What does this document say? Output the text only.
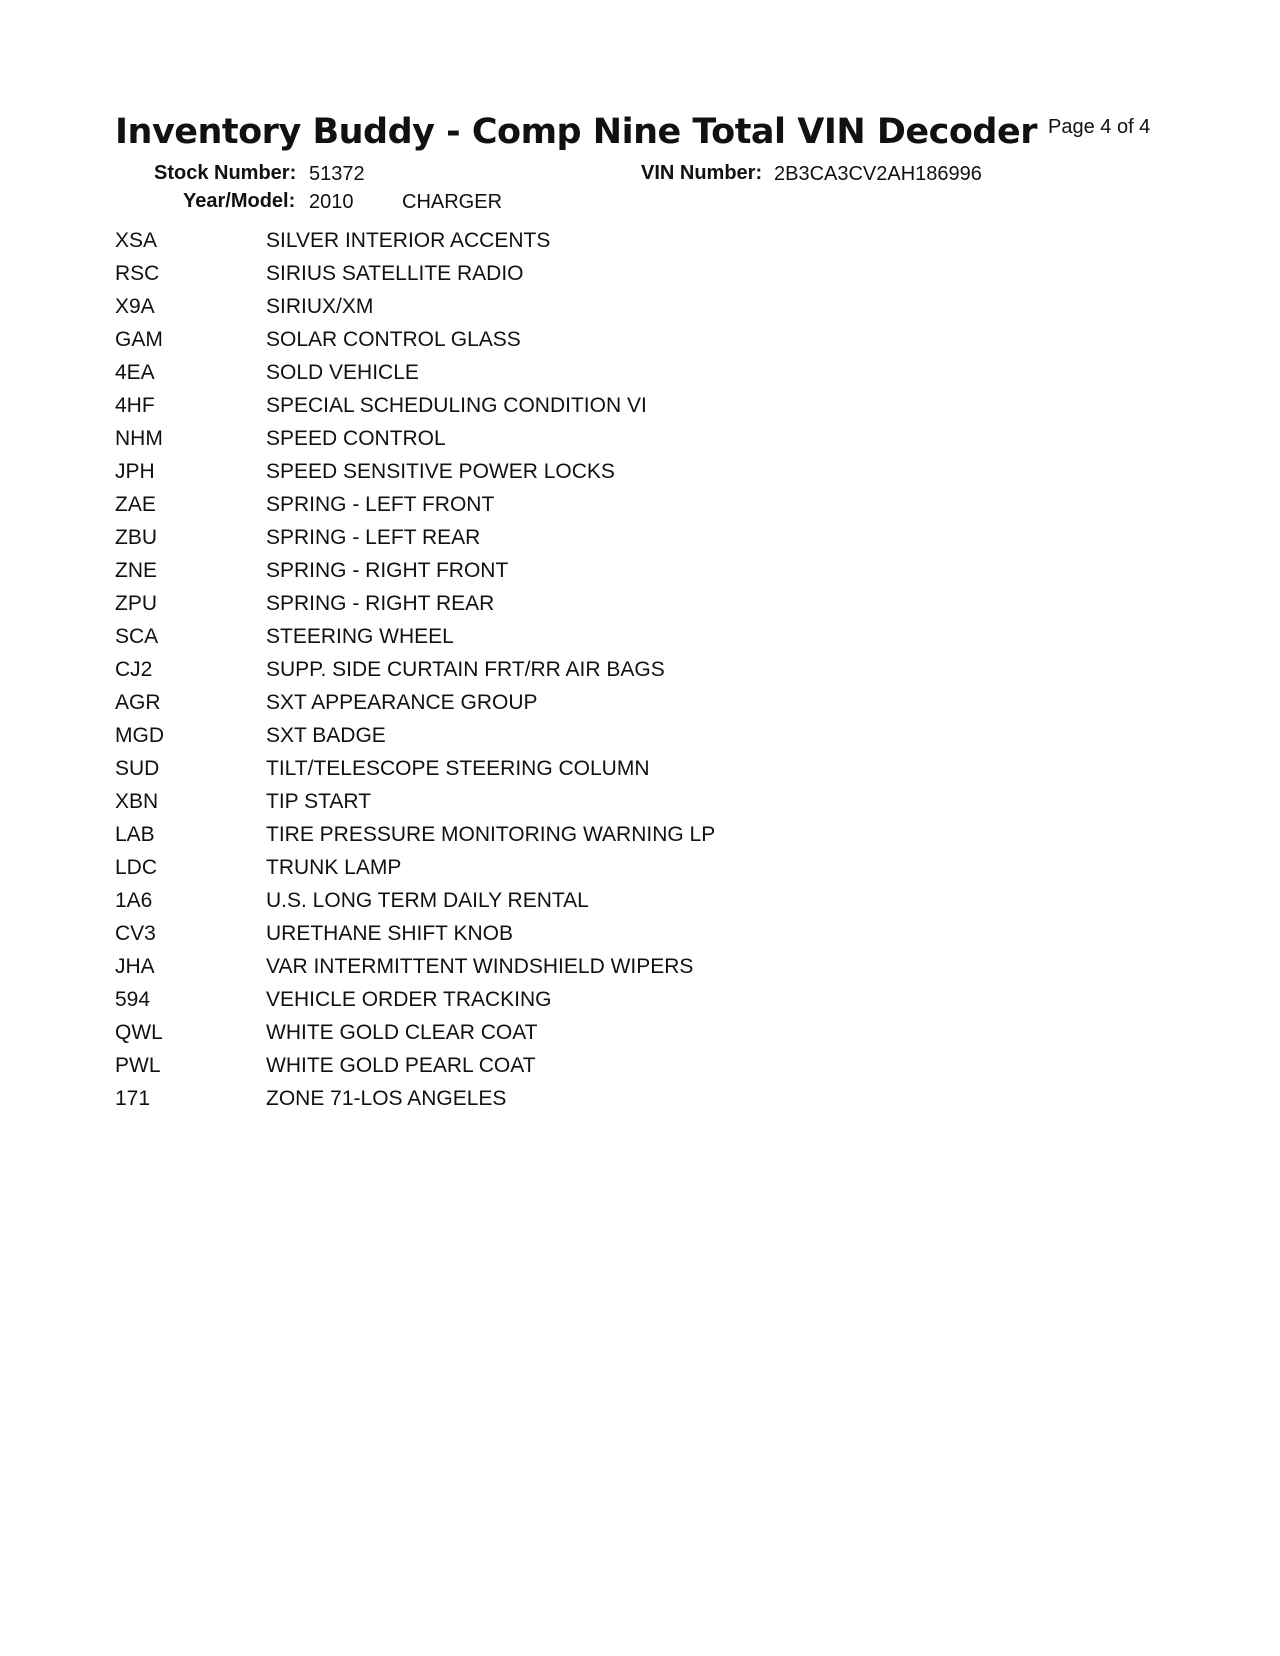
Inventory Buddy - Comp Nine Total VIN Decoder Page 4 of 4
Stock Number: 51372	VIN Number: 2B3CA3CV2AH186996
Year/Model: 2010 CHARGER
XSA	SILVER INTERIOR ACCENTS
RSC	SIRIUS SATELLITE RADIO
X9A	SIRIUX/XM
GAM	SOLAR CONTROL GLASS
4EA	SOLD VEHICLE
4HF	SPECIAL SCHEDULING CONDITION VI
NHM	SPEED CONTROL
JPH	SPEED SENSITIVE POWER LOCKS
ZAE	SPRING - LEFT FRONT
ZBU	SPRING - LEFT REAR
ZNE	SPRING - RIGHT FRONT
ZPU	SPRING - RIGHT REAR
SCA	STEERING WHEEL
CJ2	SUPP. SIDE CURTAIN FRT/RR AIR BAGS
AGR	SXT APPEARANCE GROUP
MGD	SXT BADGE
SUD	TILT/TELESCOPE STEERING COLUMN
XBN	TIP START
LAB	TIRE PRESSURE MONITORING WARNING LP
LDC	TRUNK LAMP
1A6	U.S. LONG TERM DAILY RENTAL
CV3	URETHANE SHIFT KNOB
JHA	VAR INTERMITTENT WINDSHIELD WIPERS
594	VEHICLE ORDER TRACKING
QWL	WHITE GOLD CLEAR COAT
PWL	WHITE GOLD PEARL COAT
171	ZONE 71-LOS ANGELES
